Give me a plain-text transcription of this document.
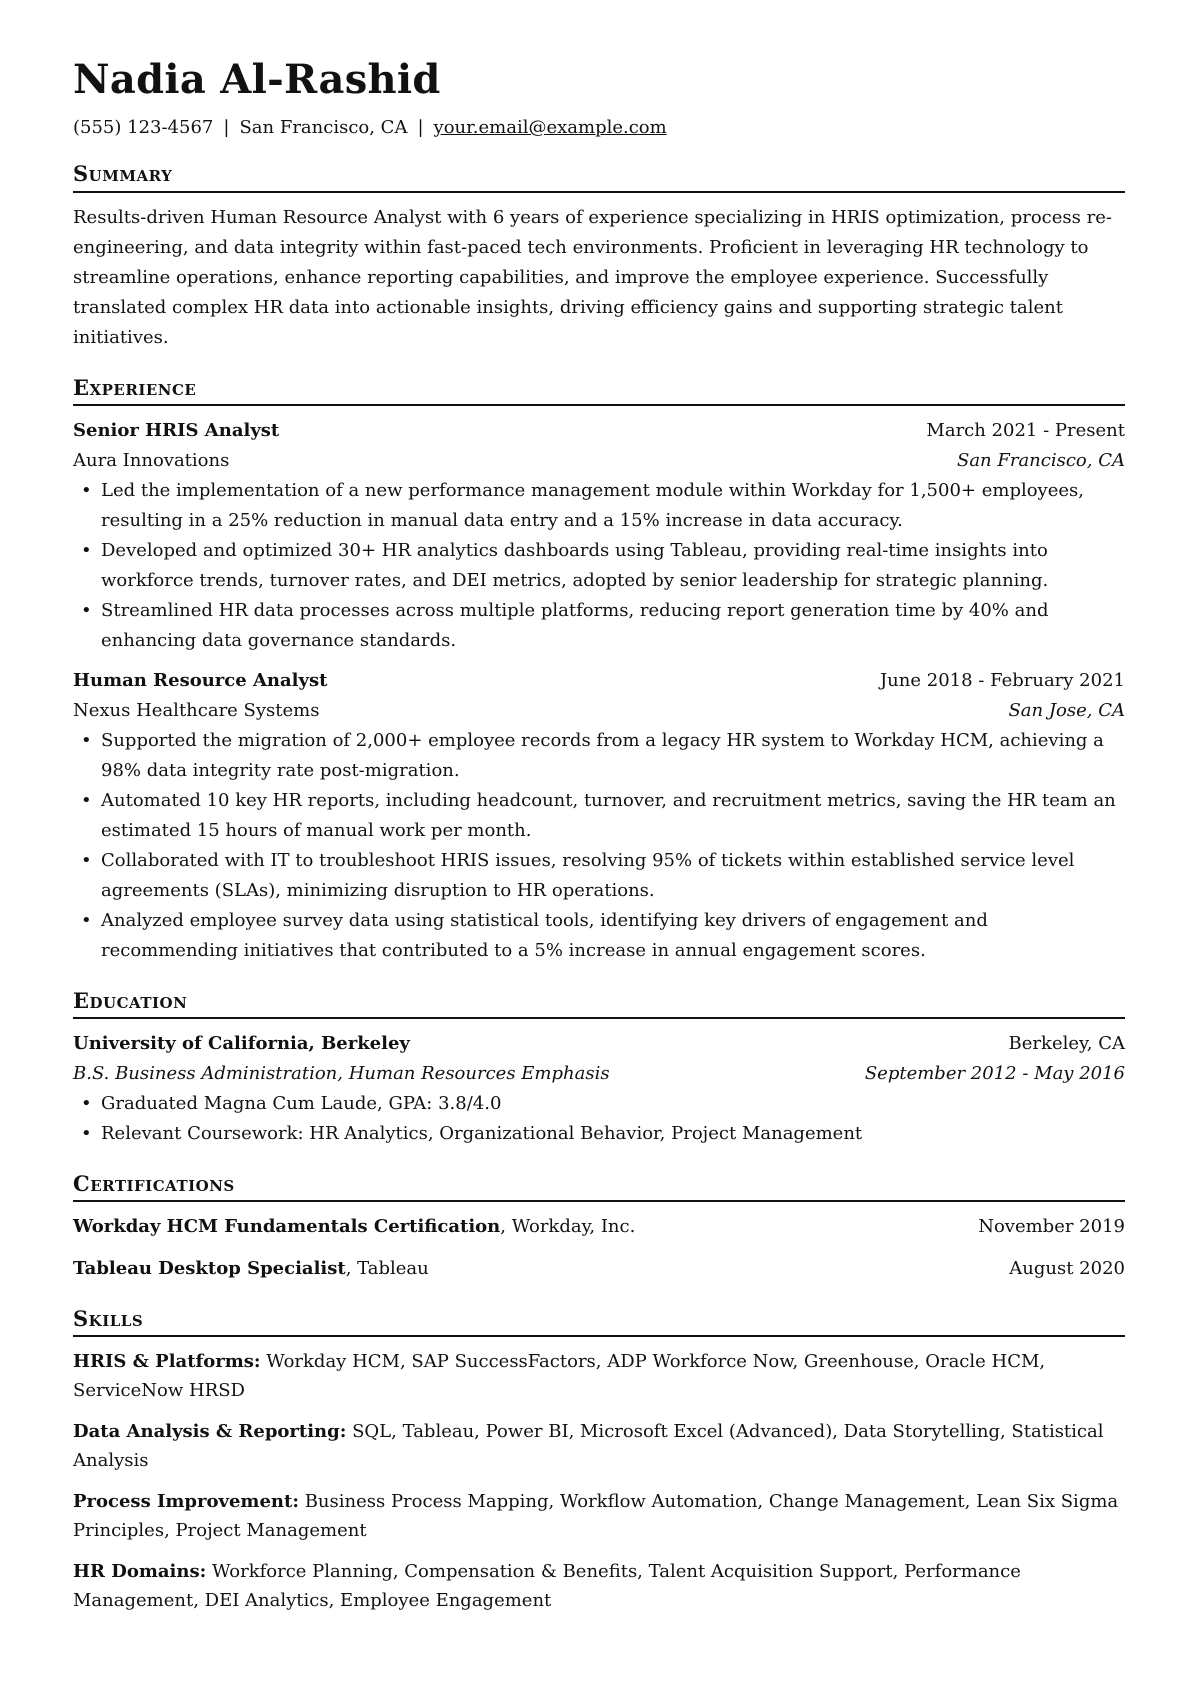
Nadia Al-Rashid
(555) 123-4567 | San Francisco, CA | your.email@example.com
Summary

Results-driven Human Resource Analyst with 6 years of experience specializing in HRIS optimization, process re-engineering, and data integrity within fast-paced tech environments. Proficient in leveraging HR technology to streamline operations, enhance reporting capabilities, and improve the employee experience. Successfully translated complex HR data into actionable insights, driving efficiency gains and supporting strategic talent initiatives.

Experience
Senior HRIS Analyst	March 2021 - Present
Aura Innovations	San Francisco, CA
• Led the implementation of a new performance management module within Workday for 1,500+ employees, resulting in a 25% reduction in manual data entry and a 15% increase in data accuracy.
• Developed and optimized 30+ HR analytics dashboards using Tableau, providing real-time insights into workforce trends, turnover rates, and DEI metrics, adopted by senior leadership for strategic planning.
• Streamlined HR data processes across multiple platforms, reducing report generation time by 40% and enhancing data governance standards.
Human Resource Analyst	June 2018 - February 2021
Nexus Healthcare Systems	San Jose, CA
• Supported the migration of 2,000+ employee records from a legacy HR system to Workday HCM, achieving a 98% data integrity rate post-migration.
• Automated 10 key HR reports, including headcount, turnover, and recruitment metrics, saving the HR team an estimated 15 hours of manual work per month.
• Collaborated with IT to troubleshoot HRIS issues, resolving 95% of tickets within established service level agreements (SLAs), minimizing disruption to HR operations.
• Analyzed employee survey data using statistical tools, identifying key drivers of engagement and recommending initiatives that contributed to a 5% increase in annual engagement scores.
Education
University of California, Berkeley	Berkeley, CA
B.S. Business Administration, Human Resources Emphasis	September 2012 - May 2016
• Graduated Magna Cum Laude, GPA: 3.8/4.0
• Relevant Coursework: HR Analytics, Organizational Behavior, Project Management
Certifications
Workday HCM Fundamentals Certification, Workday, Inc.	November 2019
Tableau Desktop Specialist, Tableau	August 2020
Skills

HRIS & Platforms: Workday HCM, SAP SuccessFactors, ADP Workforce Now, Greenhouse, Oracle HCM, ServiceNow HRSD

Data Analysis & Reporting: SQL, Tableau, Power BI, Microsoft Excel (Advanced), Data Storytelling, Statistical Analysis

Process Improvement: Business Process Mapping, Workflow Automation, Change Management, Lean Six Sigma Principles, Project Management

HR Domains: Workforce Planning, Compensation & Benefits, Talent Acquisition Support, Performance Management, DEI Analytics, Employee Engagement
